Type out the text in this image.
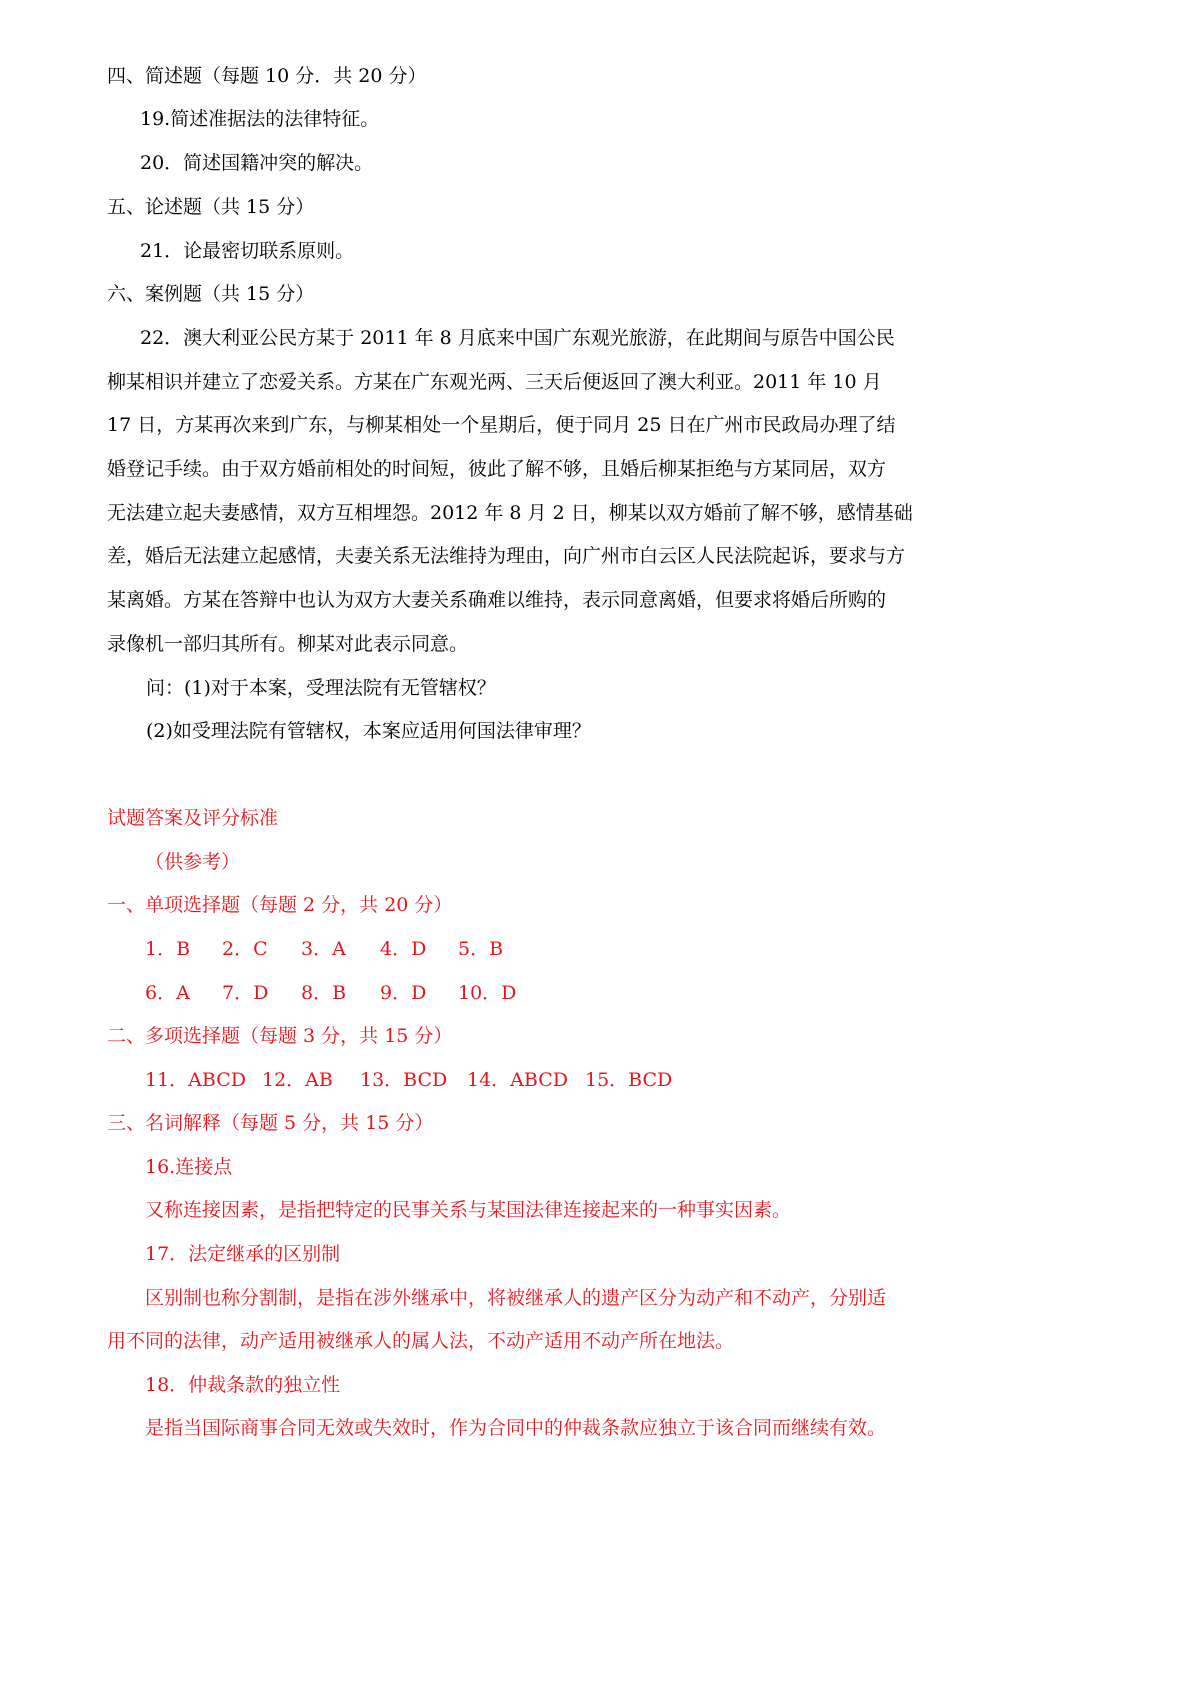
四、简述题（每题 10 分．共 20 分）
19.简述准据法的法律特征。
20．简述国籍冲突的解决。
五、论述题（共 15 分）
21．论最密切联系原则。
六、案例题（共 15 分）
22．澳大利亚公民方某于 2011 年 8 月底来中国广东观光旅游，在此期间与原告中国公民
柳某相识并建立了恋爱关系。方某在广东观光两、三天后便返回了澳大利亚。2011 年 10 月
17 日，方某再次来到广东，与柳某相处一个星期后，便于同月 25 日在广州市民政局办理了结
婚登记手续。由于双方婚前相处的时间短，彼此了解不够，且婚后柳某拒绝与方某同居，双方
无法建立起夫妻感情，双方互相埋怨。2012 年 8 月 2 日，柳某以双方婚前了解不够，感情基础
差，婚后无法建立起感情，夫妻关系无法维持为理由，向广州市白云区人民法院起诉，要求与方
某离婚。方某在答辩中也认为双方大妻关系确难以维持，表示同意离婚，但要求将婚后所购的
录像机一部归其所有。柳某对此表示同意。
问：(1)对于本案，受理法院有无管辖权？
(2)如受理法院有管辖权，本案应适用何国法律审理？
试题答案及评分标准
（供参考）
一、单项选择题（每题 2 分，共 20 分）
1．B 2．C 3．A 4．D 5．B
6．A 7．D 8．B 9．D 10．D
二、多项选择题（每题 3 分，共 15 分）
11．ABCD 12．AB 13．BCD 14．ABCD 15．BCD
三、名词解释（每题 5 分，共 15 分）
16.连接点
又称连接因素，是指把特定的民事关系与某国法律连接起来的一种事实因素。
17．法定继承的区别制
区别制也称分割制，是指在涉外继承中，将被继承人的遗产区分为动产和不动产，分别适
用不同的法律，动产适用被继承人的属人法，不动产适用不动产所在地法。
18．仲裁条款的独立性
是指当国际商事合同无效或失效时，作为合同中的仲裁条款应独立于该合同而继续有效。
